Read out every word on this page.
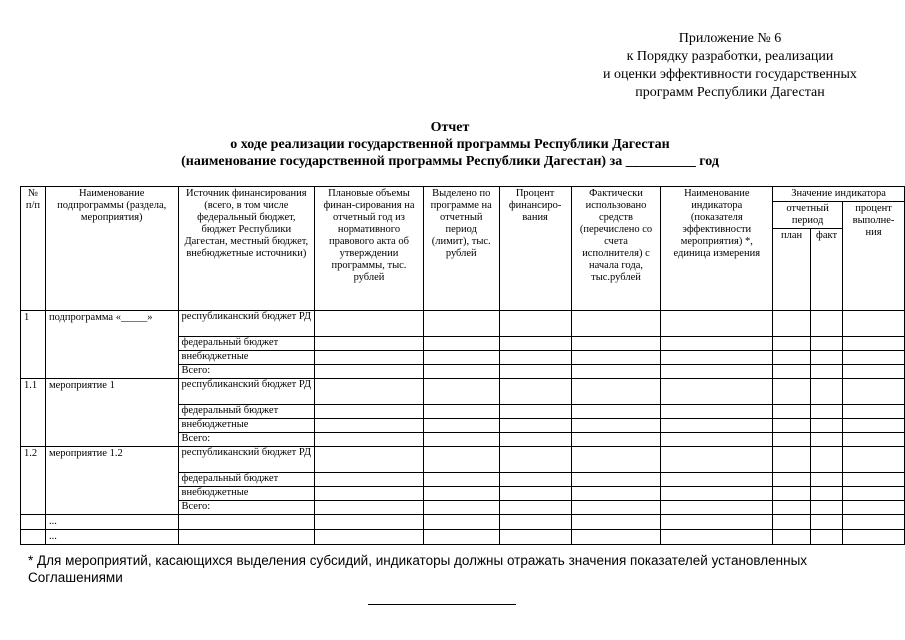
Приложение № 6
к Порядку разработки, реализации
и оценки эффективности государственных
программ Республики Дагестан
Отчет
о ходе реализации государственной программы Республики Дагестан
(наименование государственной программы Республики Дагестан) за __________ год
№ п/п	Наименование подпрограммы (раздела, мероприятия)	Источник финансирования (всего, в том числе федеральный бюджет, бюджет Республики Дагестан, местный бюджет, внебюджетные источники)	Плановые объемы финан-сирования на отчетный год из нормативного правового акта об утверждении программы, тыс. рублей	Выделено по программе на отчетный период (лимит), тыс. рублей	Процент финансиро-вания	Фактически использовано средств (перечислено со счета исполнителя) с начала года, тыс.рублей	Наименование индикатора (показателя эффективности мероприятия) *, единица измерения	Значение индикатора		
								отчетный период		процент выполне-ния
								план	факт	
1	подпрограмма «_____»	республиканский бюджет РД								
		федеральный бюджет								
		внебюджетные								
		Всего:								
1.1	мероприятие 1	республиканский бюджет РД								
		федеральный бюджет								
		внебюджетные								
		Всего:								
1.2	мероприятие 1.2	республиканский бюджет РД								
		федеральный бюджет								
		внебюджетные								
		Всего:								
	...									
	...									
* Для мероприятий, касающихся выделения субсидий, индикаторы должны отражать значения показателей установленных Соглашениями
